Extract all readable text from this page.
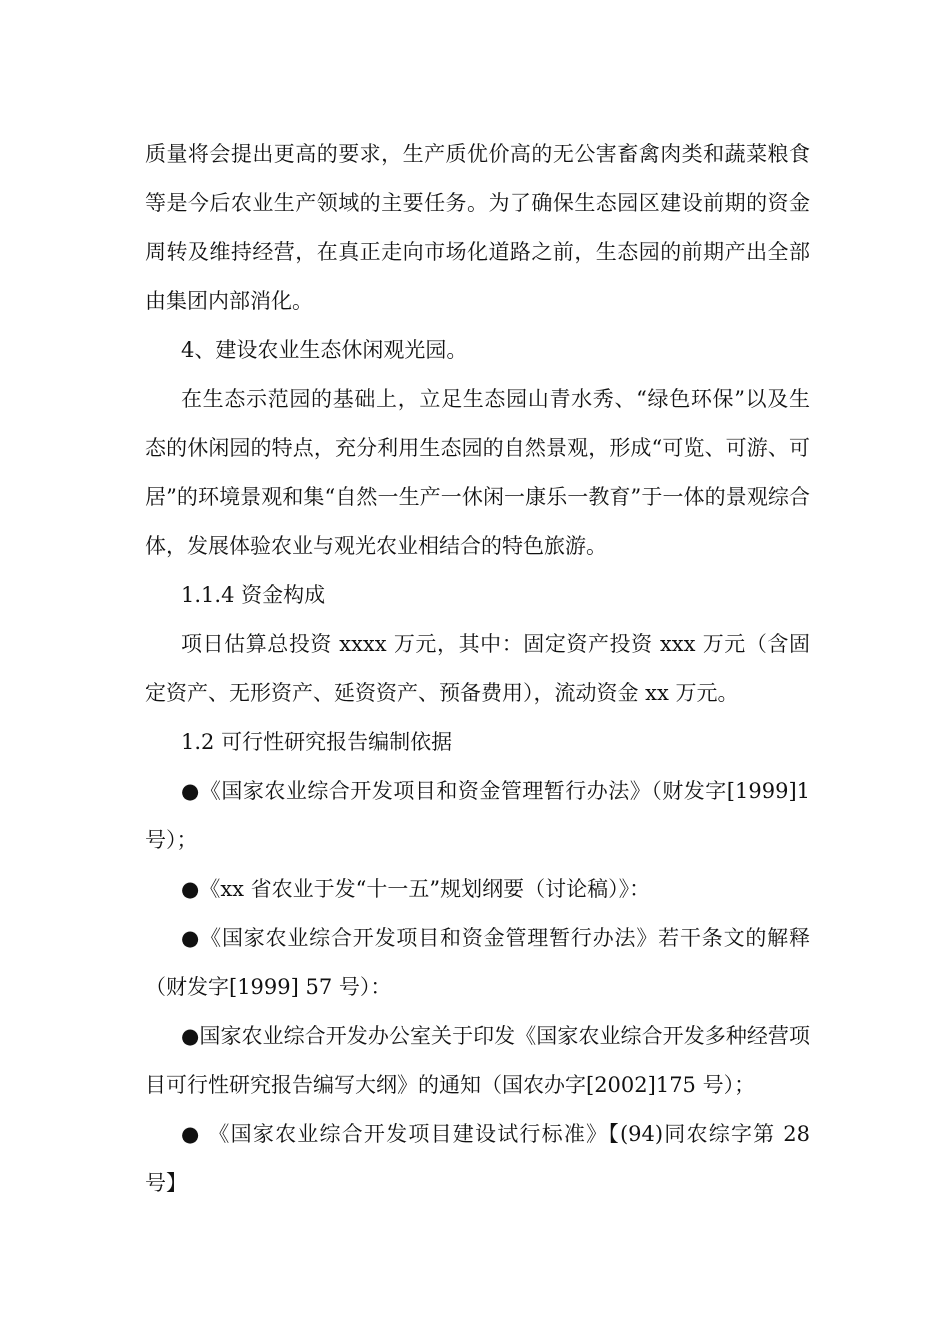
质量将会提出更高的要求，生产质优价高的无公害畜禽肉类和蔬菜粮食等是今后农业生产领域的主要任务。为了确保生态园区建设前期的资金周转及维持经营，在真正走向市场化道路之前，生态园的前期产出全部由集团内部消化。

4、建设农业生态休闲观光园。

在生态示范园的基础上，立足生态园山青水秀、“绿色环保”以及生态的休闲园的特点，充分利用生态园的自然景观，形成“可览、可游、可居”的环境景观和集“自然一生产一休闲一康乐一教育”于一体的景观综合体，发展体验农业与观光农业相结合的特色旅游。

1.1.4 资金构成

项日估算总投资 xxxx 万元，其中：固定资产投资 xxx 万元（含固定资产、无形资产、延资资产、预备费用），流动资金 xx 万元。

1.2 可行性研究报告编制依据

●《国家农业综合开发项目和资金管理暂行办法》（财发字[1999]1 号）；

●《xx 省农业于发“十一五”规划纲要（讨论稿）》：

●《国家农业综合开发项目和资金管理暂行办法》若干条文的解释（财发字[1999] 57 号）：

●国家农业综合开发办公室关于印发《国家农业综合开发多种经营项目可行性研究报告编写大纲》的通知（国农办字[2002]175 号）；

● 《国家农业综合开发项目建设试行标准》【(94)同农综字第 28 号】
